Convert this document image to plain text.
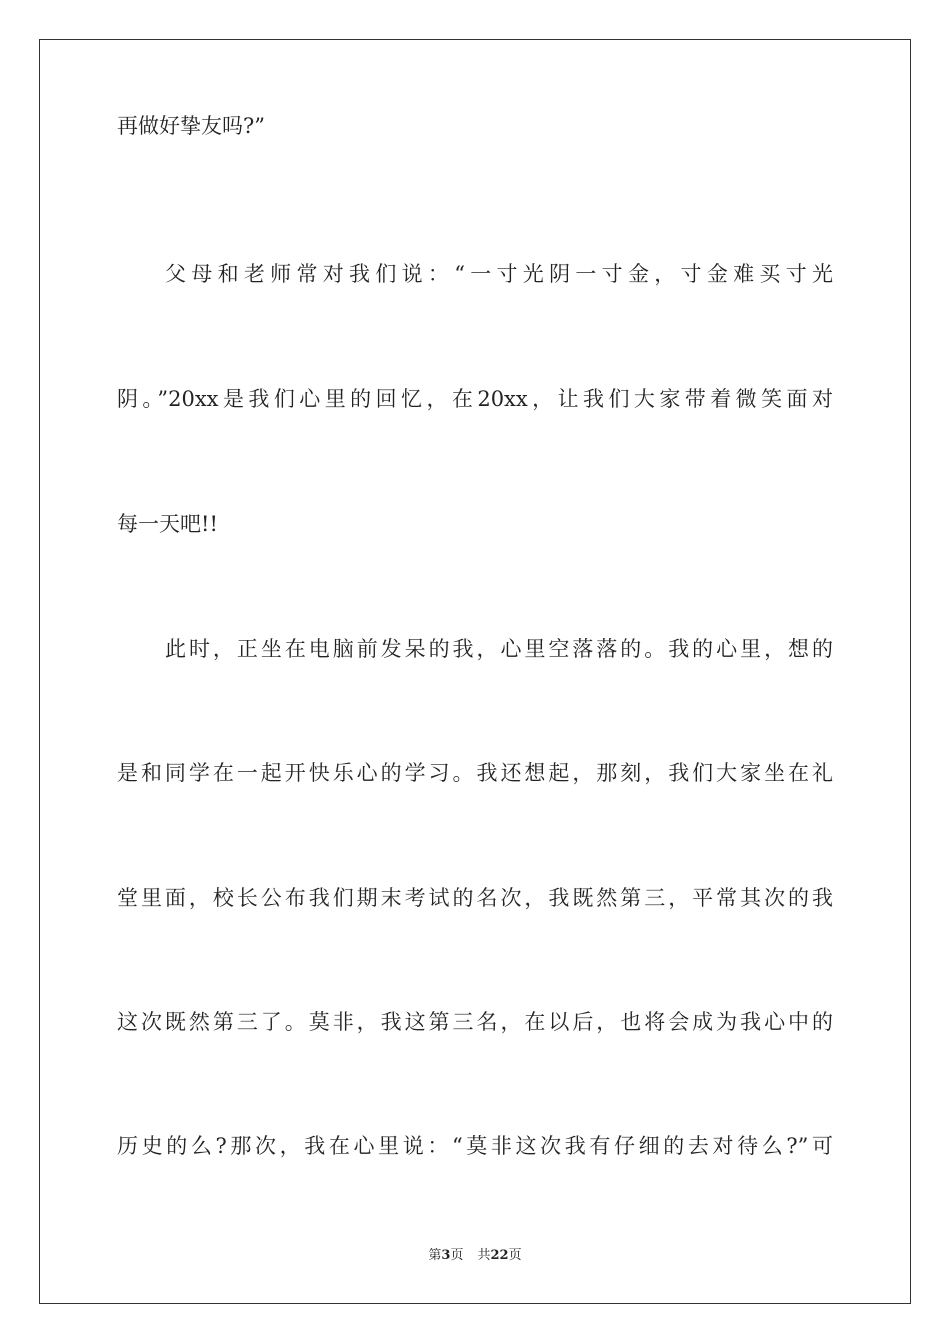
再做好挚友吗?”
父母和老师常对我们说：“一寸光阴一寸金，寸金难买寸光
阴。”20xx是我们心里的回忆，在20xx，让我们大家带着微笑面对
每一天吧!!
此时，正坐在电脑前发呆的我，心里空落落的。我的心里，想的
是和同学在一起开快乐心的学习。我还想起，那刻，我们大家坐在礼
堂里面，校长公布我们期末考试的名次，我既然第三，平常其次的我
这次既然第三了。莫非，我这第三名，在以后，也将会成为我心中的
历史的么?那次，我在心里说：“莫非这次我有仔细的去对待么?”可
第3页 共22页
